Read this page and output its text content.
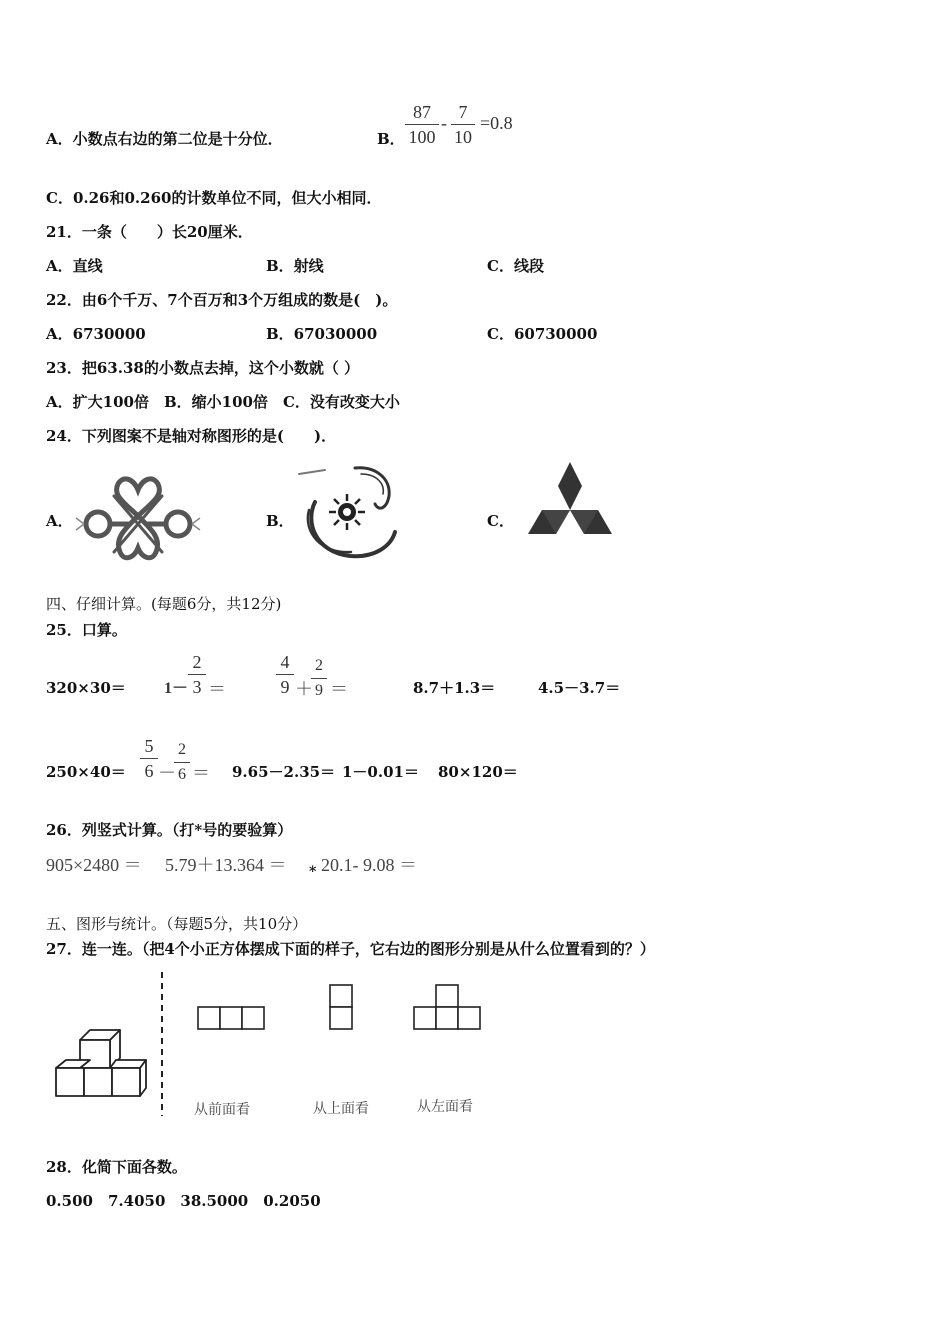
A．小数点右边的第二位是十分位．	B．
87
100
-
7
10
=0.8
C．0.26和0.260的计数单位不同，但大小相同．
21．一条（　　）长20厘米．
A．直线	B．射线	C．线段
22．由6个千万、7个百万和3个万组成的数是(　)。
A．6730000	B．67030000	C．60730000
23．把63.38的小数点去掉，这个小数就（ ）
A．扩大100倍　B．缩小100倍　C．没有改变大小
24．下列图案不是轴对称图形的是(　　)．
A．	B．	C．
四、仔细计算。(每题6分，共12分)
25．口算。
320×30＝ 1－
2
3 ＝
4
9 ＋
2
9 ＝	8.7＋1.3＝	4.5－3.7＝
250×40＝
5
6 －
2
6 ＝ 9.65－2.35＝ 1－0.01＝ 80×120＝
26．列竖式计算。（打*号的要验算）
905×2480 ＝ 5.79＋13.364 ＝ * 20.1- 9.08 ＝
五、图形与统计。（每题5分，共10分）
27．连一连。（把4个小正方体摆成下面的样子，它右边的图形分别是从什么位置看到的？）
从前面看	从上面看	从左面看
28．化简下面各数。
0.500　7.4050　38.5000　0.2050
